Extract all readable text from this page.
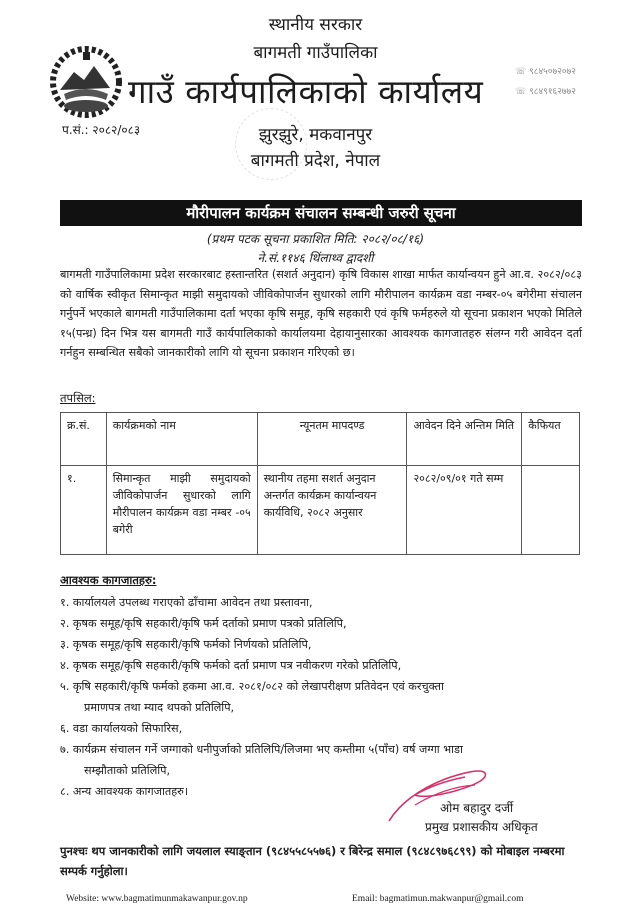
स्थानीय सरकार
बागमती गाउँपालिका
गाउँ कार्यपालिकाको कार्यालय
प.सं.: २०८२/०८३	झुरझुरे, मकवानपुर
बागमती प्रदेश, नेपाल
☏ ९८४५०७२०७२
☏ ९८४९१६२७७२
मौरीपालन कार्यक्रम संचालन सम्बन्धी जरुरी सूचना
(प्रथम पटक सूचना प्रकाशित मिति: २०८२/०८/१६)
ने.सं.११४६ थिंलाथ्व द्वादशी
बागमती गाउँपालिकामा प्रदेश सरकारबाट हस्तान्तरित (सशर्त अनुदान) कृषि विकास शाखा मार्फत कार्यान्वयन हुने आ.व. २०८२/०८३ को वार्षिक स्वीकृत सिमान्कृत माझी समुदायको जीविकोपार्जन सुधारको लागि मौरीपालन कार्यक्रम वडा नम्बर-०५ बगेरीमा संचालन गर्नुपर्ने भएकाले बागमती गाउँपालिकामा दर्ता भएका कृषि समूह, कृषि सहकारी एवं कृषि फर्महरुले यो सूचना प्रकाशन भएको मितिले १५(पन्ध्र) दिन भित्र यस बागमती गाउँ कार्यपालिकाको कार्यालयमा देहायानुसारका आवश्यक कागजातहरु संलग्न गरी आवेदन दर्ता गर्नहुन सम्बन्धित सबैको जानकारीको लागि यो सूचना प्रकाशन गरिएको छ।
तपसिल:
क्र.सं.	कार्यक्रमको नाम	न्यूनतम मापदण्ड	आवेदन दिने अन्तिम मिति	कैफियत
१.	सिमान्कृत माझी समुदायको जीविकोपार्जन सुधारको लागि मौरीपालन कार्यक्रम वडा नम्बर -०५ बगेरी	स्थानीय तहमा सशर्त अनुदान अन्तर्गत कार्यक्रम कार्यान्वयन कार्यविधि, २०८२ अनुसार	२०८२/०९/०१ गते सम्म	
आवश्यक कागजातहरु:
१. कार्यालयले उपलब्ध गराएको ढाँचामा आवेदन तथा प्रस्तावना,
२. कृषक समूह/कृषि सहकारी/कृषि फर्म दर्ताको प्रमाण पत्रको प्रतिलिपि,
३. कृषक समूह/कृषि सहकारी/कृषि फर्मको निर्णयको प्रतिलिपि,
४. कृषक समूह/कृषि सहकारी/कृषि फर्मको दर्ता प्रमाण पत्र नवीकरण गरेको प्रतिलिपि,
५. कृषि सहकारी/कृषि फर्मको हकमा आ.व. २०८१/०८२ को लेखापरीक्षण प्रतिवेदन एवं करचुक्ता
प्रमाणपत्र तथा म्याद थपको प्रतिलिपि,
६. वडा कार्यालयको सिफारिस,
७. कार्यक्रम संचालन गर्ने जग्गाको धनीपुर्जाको प्रतिलिपि/लिजमा भए कम्तीमा ५(पाँच) वर्ष जग्गा भाडा
सम्झौताको प्रतिलिपि,
८. अन्य आवश्यक कागजातहरु।
ओम बहादुर दर्जी
प्रमुख प्रशासकीय अधिकृत
पुनश्चः थप जानकारीको लागि जयलाल स्याङ्तान (९८४५५८५५७६) र बिरेन्द्र समाल (९८४८९७६८९९) को मोबाइल नम्बरमा सम्पर्क गर्नुहोला।
Website: www.bagmatimunmakawanpur.gov.np	Email: bagmatimun.makwanpur@gmail.com
